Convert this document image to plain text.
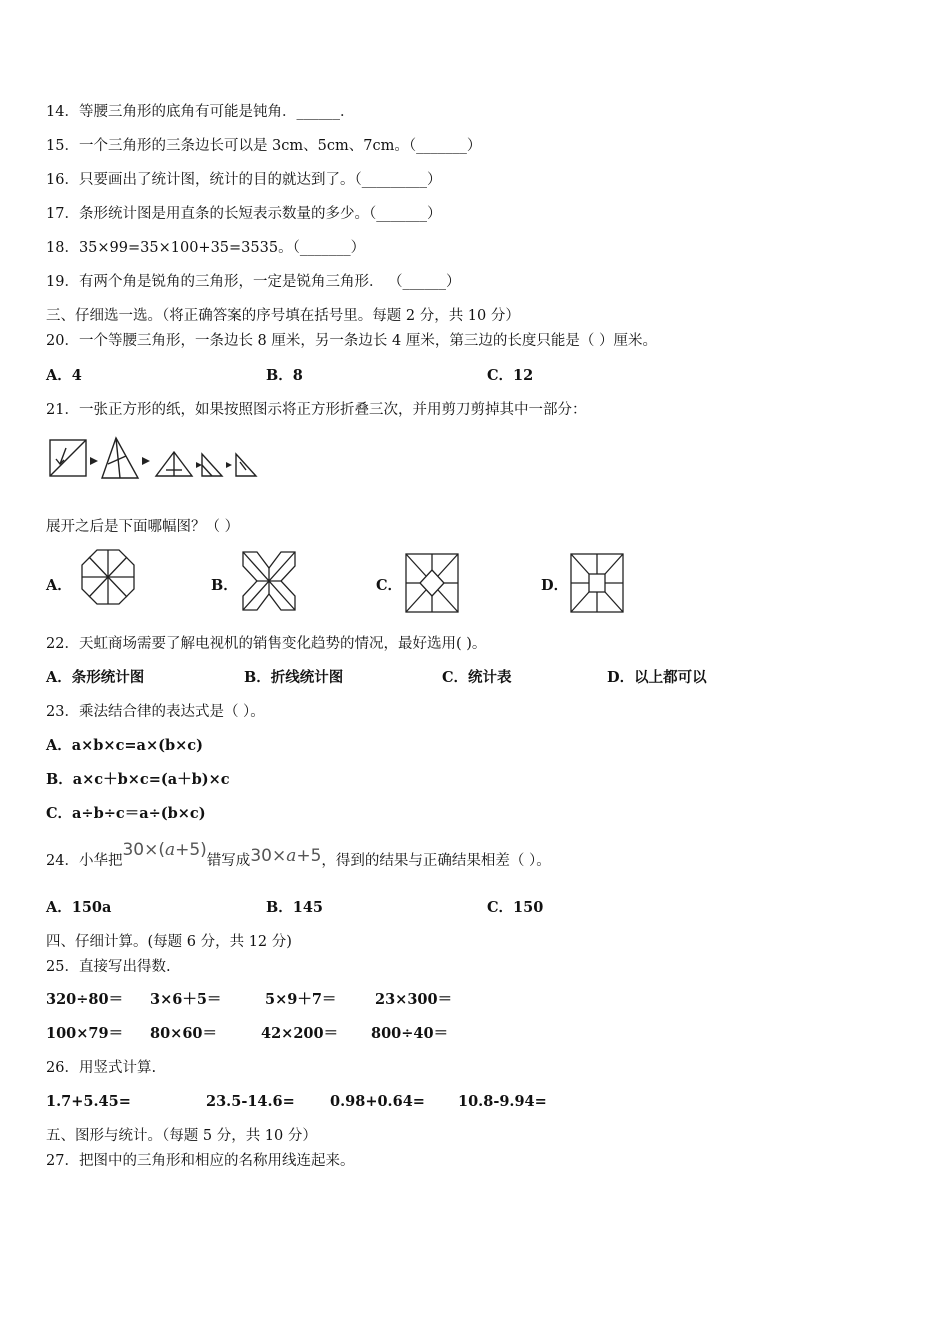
14．等腰三角形的底角有可能是钝角．______．
15．一个三角形的三条边长可以是 3cm、5cm、7cm。（_______）
16．只要画出了统计图，统计的目的就达到了。（_________）
17．条形统计图是用直条的长短表示数量的多少。（_______）
18．35×99=35×100+35=3535。（_______）
19．有两个角是锐角的三角形，一定是锐角三角形． （______）
三、仔细选一选。（将正确答案的序号填在括号里。每题 2 分，共 10 分）
20．一个等腰三角形，一条边长 8 厘米，另一条边长 4 厘米，第三边的长度只能是（ ）厘米。
A．4	B．8	C．12
21．一张正方形的纸，如果按照图示将正方形折叠三次，并用剪刀剪掉其中一部分：
展开之后是下面哪幅图？（ ）
A．	B．	C．	D．
22．天虹商场需要了解电视机的销售变化趋势的情况，最好选用( )。
A．条形统计图	B．折线统计图	C．统计表	D．以上都可以
23．乘法结合律的表达式是（ ）。
A．a×b×c=a×(b×c)
B．a×c＋b×c=(a＋b)×c
C．a÷b÷c＝a÷(b×c)
24．小华把30×(a+5)错写成30×a+5，得到的结果与正确结果相差（ ）。
A．150a	B．145	C．150
四、仔细计算。(每题 6 分，共 12 分)
25．直接写出得数.
320÷80＝ 3×6＋5＝	5×9＋7＝	23×300＝
100×79＝ 80×60＝	42×200＝ 800÷40＝
26．用竖式计算.
1.7+5.45=	23.5-14.6= 0.98+0.64= 10.8-9.94=
五、图形与统计。（每题 5 分，共 10 分）
27．把图中的三角形和相应的名称用线连起来。
